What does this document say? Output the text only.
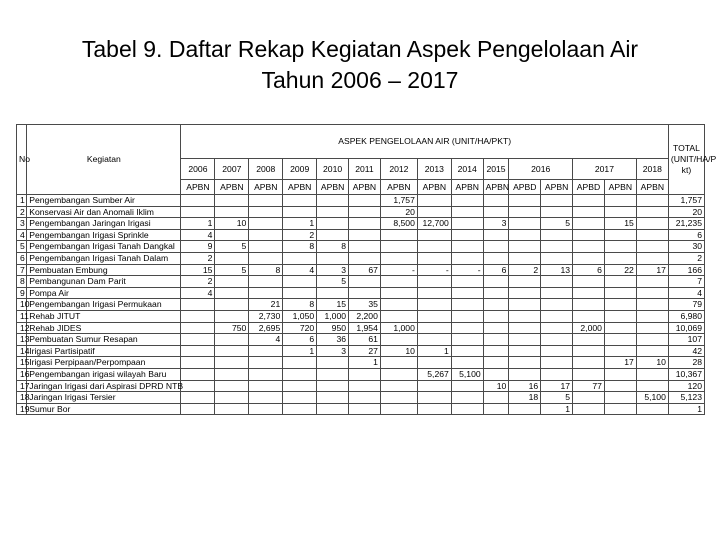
Tabel 9. Daftar Rekap Kegiatan Aspek Pengelolaan Air
Tahun 2006 – 2017
No	Kegiatan	ASPEK PENGELOLAAN AIR (UNIT/HA/PKT)															TOTAL
(UNIT/HA/P
kt)
		2006	2007	2008	2009	2010	2011	2012	2013	2014	2015	2016		2017		2018	
		APBN	APBN	APBN	APBN	APBN	APBN	APBN	APBN	APBN	APBN	APBD	APBN	APBD	APBN	APBN	
1	Pengembangan Sumber Air							1,757									1,757
2	Konservasi Air dan Anomali Iklim							20									20
3	Pengembangan Jaringan Irigasi	1	10		1			8,500	12,700		3		5		15		21,235
4	Pengembangan Irigasi Sprinkle	4			2												6
5	Pengembangan Irigasi Tanah Dangkal	9	5		8	8											30
6	Pengembangan Irigasi Tanah Dalam	2															2
7	Pembuatan Embung	15	5	8	4	3	67	-	-	-	6	2	13	6	22	17	166
8	Pembangunan Dam Parit	2				5											7
9	Pompa Air	4															4
10	Pengembangan Irigasi Permukaan			21	8	15	35										79
11	Rehab JITUT			2,730	1,050	1,000	2,200										6,980
12	Rehab JIDES		750	2,695	720	950	1,954	1,000						2,000			10,069
13	Pembuatan Sumur Resapan			4	6	36	61										107
14	Irigasi Partisipatif				1	3	27	10	1								42
15	Irigasi Perpipaan/Perpompaan						1								17	10	28
16	Pengembangan irigasi wilayah Baru								5,267	5,100							10,367
17	Jaringan Irigasi dari Aspirasi DPRD NTB										10	16	17	77			120
18	Jaringan Irigasi Tersier											18	5			5,100	5,123
19	Sumur Bor												1				1
